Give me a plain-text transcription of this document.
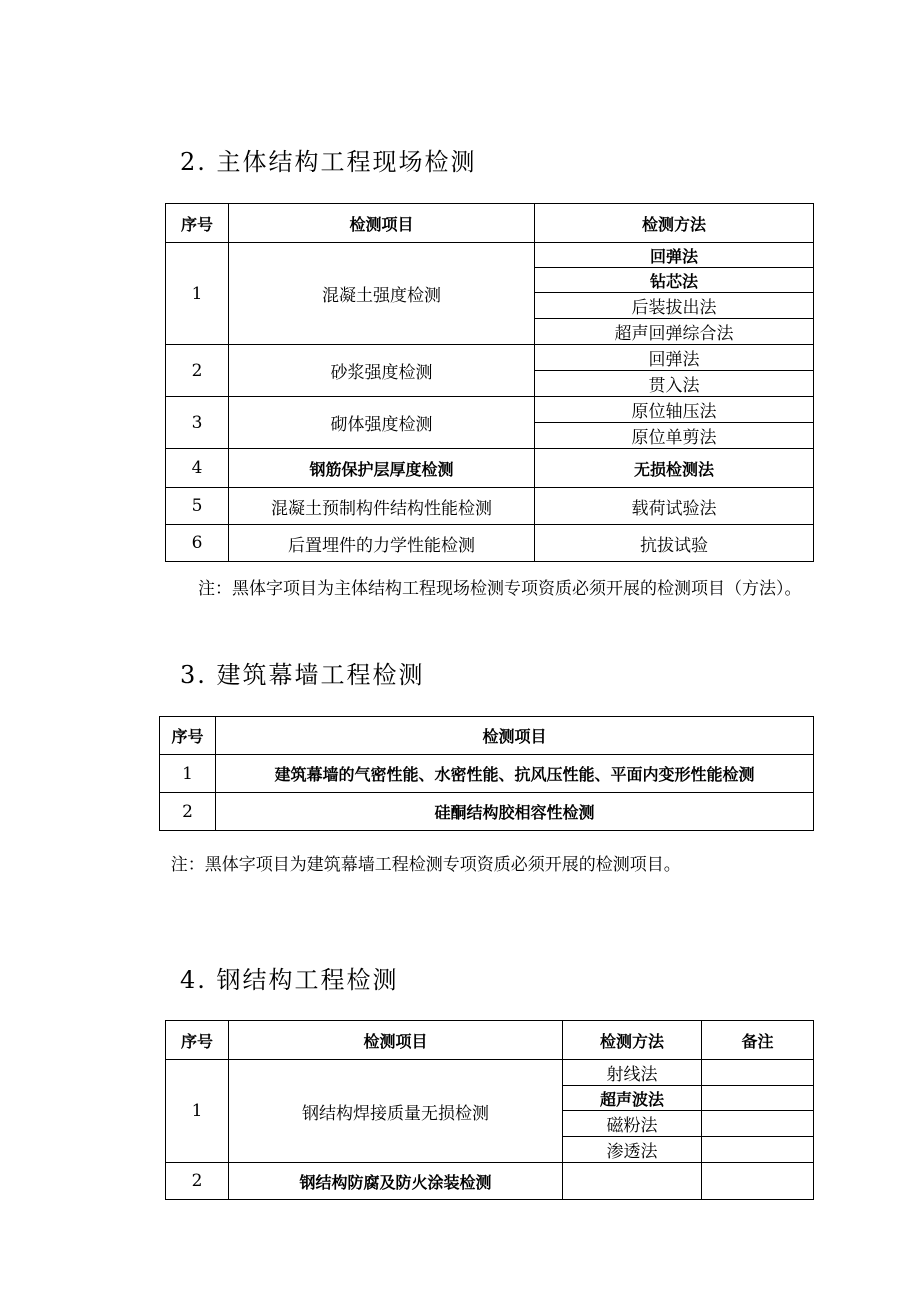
2. 主体结构工程现场检测
序号	检测项目	检测方法
1	混凝土强度检测	回弹法
		钻芯法
		后装拔出法
		超声回弹综合法
2	砂浆强度检测	回弹法
		贯入法
3	砌体强度检测	原位轴压法
		原位单剪法
4	钢筋保护层厚度检测	无损检测法
5	混凝土预制构件结构性能检测	载荷试验法
6	后置埋件的力学性能检测	抗拔试验

注：黑体字项目为主体结构工程现场检测专项资质必须开展的检测项目（方法）。

3. 建筑幕墙工程检测
序号	检测项目
1	建筑幕墙的气密性能、水密性能、抗风压性能、平面内变形性能检测
2	硅酮结构胶相容性检测

注：黑体字项目为建筑幕墙工程检测专项资质必须开展的检测项目。

4. 钢结构工程检测
序号	检测项目	检测方法	备注
1	钢结构焊接质量无损检测	射线法	
		超声波法	
		磁粉法	
		渗透法	
2	钢结构防腐及防火涂装检测		
